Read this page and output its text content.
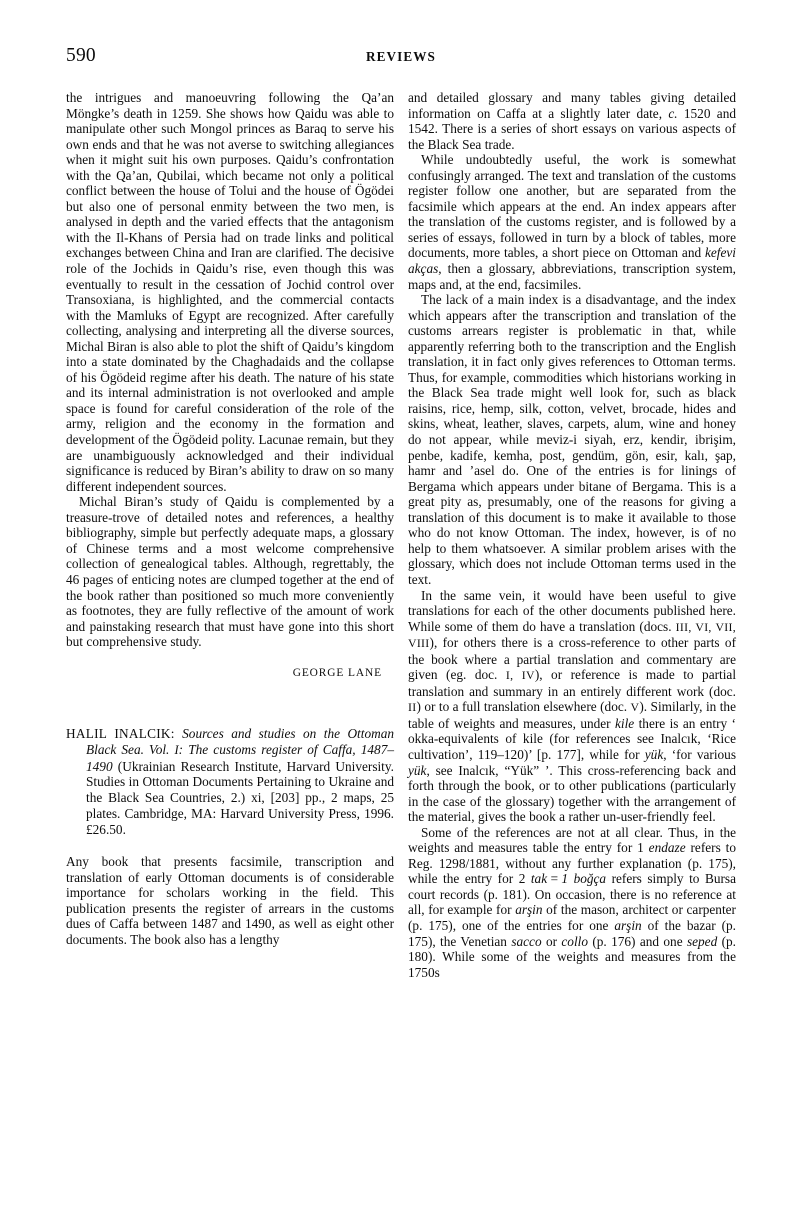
590	REVIEWS

the intrigues and manoeuvring following the Qa’an Möngke’s death in 1259. She shows how Qaidu was able to manipulate other such Mongol princes as Baraq to serve his own ends and that he was not averse to switching allegiances when it might suit his own purposes. Qaidu’s confrontation with the Qa’an, Qubilai, which became not only a political conflict between the house of Tolui and the house of Ögödei but also one of personal enmity between the two men, is analysed in depth and the varied effects that the antagonism with the Il-Khans of Persia had on trade links and political exchanges between China and Iran are clarified. The decisive role of the Jochids in Qaidu’s rise, even though this was eventually to result in the cessation of Jochid control over Transoxiana, is highlighted, and the commercial contacts with the Mamluks of Egypt are recognized. After carefully collecting, analysing and interpreting all the diverse sources, Michal Biran is also able to plot the shift of Qaidu’s kingdom into a state dominated by the Chaghadaids and the collapse of his Ögödeid regime after his death. The nature of his state and its internal administration is not overlooked and ample space is found for careful consideration of the role of the army, religion and the economy in the formation and development of the Ögödeid polity. Lacunae remain, but they are unambiguously acknowledged and their individual significance is reduced by Biran’s ability to draw on so many different independent sources.

Michal Biran’s study of Qaidu is complemented by a treasure-trove of detailed notes and references, a healthy bibliography, simple but perfectly adequate maps, a glossary of Chinese terms and a most welcome comprehensive collection of genealogical tables. Although, regrettably, the 46 pages of enticing notes are clumped together at the end of the book rather than positioned so much more conveniently as footnotes, they are fully reflective of the amount of work and painstaking research that must have gone into this short but comprehensive study.

GEORGE LANE
HALIL INALCIK: Sources and studies on the Ottoman Black Sea. Vol. I: The customs register of Caffa, 1487–1490 (Ukrainian Research Institute, Harvard University. Studies in Ottoman Documents Pertaining to Ukraine and the Black Sea Countries, 2.) xi, [203] pp., 2 maps, 25 plates. Cambridge, MA: Harvard University Press, 1996. £26.50.

Any book that presents facsimile, transcription and translation of early Ottoman documents is of considerable importance for scholars working in the field. This publication presents the register of arrears in the customs dues of Caffa between 1487 and 1490, as well as eight other documents. The book also has a lengthy

and detailed glossary and many tables giving detailed information on Caffa at a slightly later date, c. 1520 and 1542. There is a series of short essays on various aspects of the Black Sea trade.

While undoubtedly useful, the work is somewhat confusingly arranged. The text and translation of the customs register follow one another, but are separated from the facsimile which appears at the end. An index appears after the translation of the customs register, and is followed by a series of essays, followed in turn by a block of tables, more documents, more tables, a short piece on Ottoman and kefevi akças, then a glossary, abbreviations, transcription system, maps and, at the end, facsimiles.

The lack of a main index is a disadvantage, and the index which appears after the transcription and translation of the customs arrears register is problematic in that, while apparently referring both to the transcription and the English translation, it in fact only gives references to Ottoman terms. Thus, for example, commodities which historians working in the Black Sea trade might well look for, such as black raisins, rice, hemp, silk, cotton, velvet, brocade, hides and skins, wheat, leather, slaves, carpets, alum, wine and honey do not appear, while meviz-i siyah, erz, kendir, ibrişim, penbe, kadife, kemha, post, gendüm, gön, esir, kalı, şap, hamr and ’asel do. One of the entries is for linings of Bergama which appears under bitane of Bergama. This is a great pity as, presumably, one of the reasons for giving a translation of this document is to make it available to those who do not know Ottoman. The index, however, is of no help to them whatsoever. A similar problem arises with the glossary, which does not include Ottoman terms used in the text.

In the same vein, it would have been useful to give translations for each of the other documents published here. While some of them do have a translation (docs. III, VI, VII, VIII), for others there is a cross-reference to other parts of the book where a partial translation and commentary are given (eg. doc. I, IV), or reference is made to partial translation and summary in an entirely different work (doc. II) or to a full translation elsewhere (doc. V). Similarly, in the table of weights and measures, under kile there is an entry ‘ okka-equivalents of kile (for references see Inalcık, ‘Rice cultivation’, 119–120)’ [p. 177], while for yük, ‘for various yük, see Inalcık, “Yük” ’. This cross-referencing back and forth through the book, or to other publications (particularly in the case of the glossary) together with the arrangement of the material, gives the book a rather un-user-friendly feel.

Some of the references are not at all clear. Thus, in the weights and measures table the entry for 1 endaze refers to Reg. 1298/1881, without any further explanation (p. 175), while the entry for 2 tak = 1 boğça refers simply to Bursa court records (p. 181). On occasion, there is no reference at all, for example for arşin of the mason, architect or carpenter (p. 175), one of the entries for one arşin of the bazar (p. 175), the Venetian sacco or collo (p. 176) and one seped (p. 180). While some of the weights and measures from the 1750s
